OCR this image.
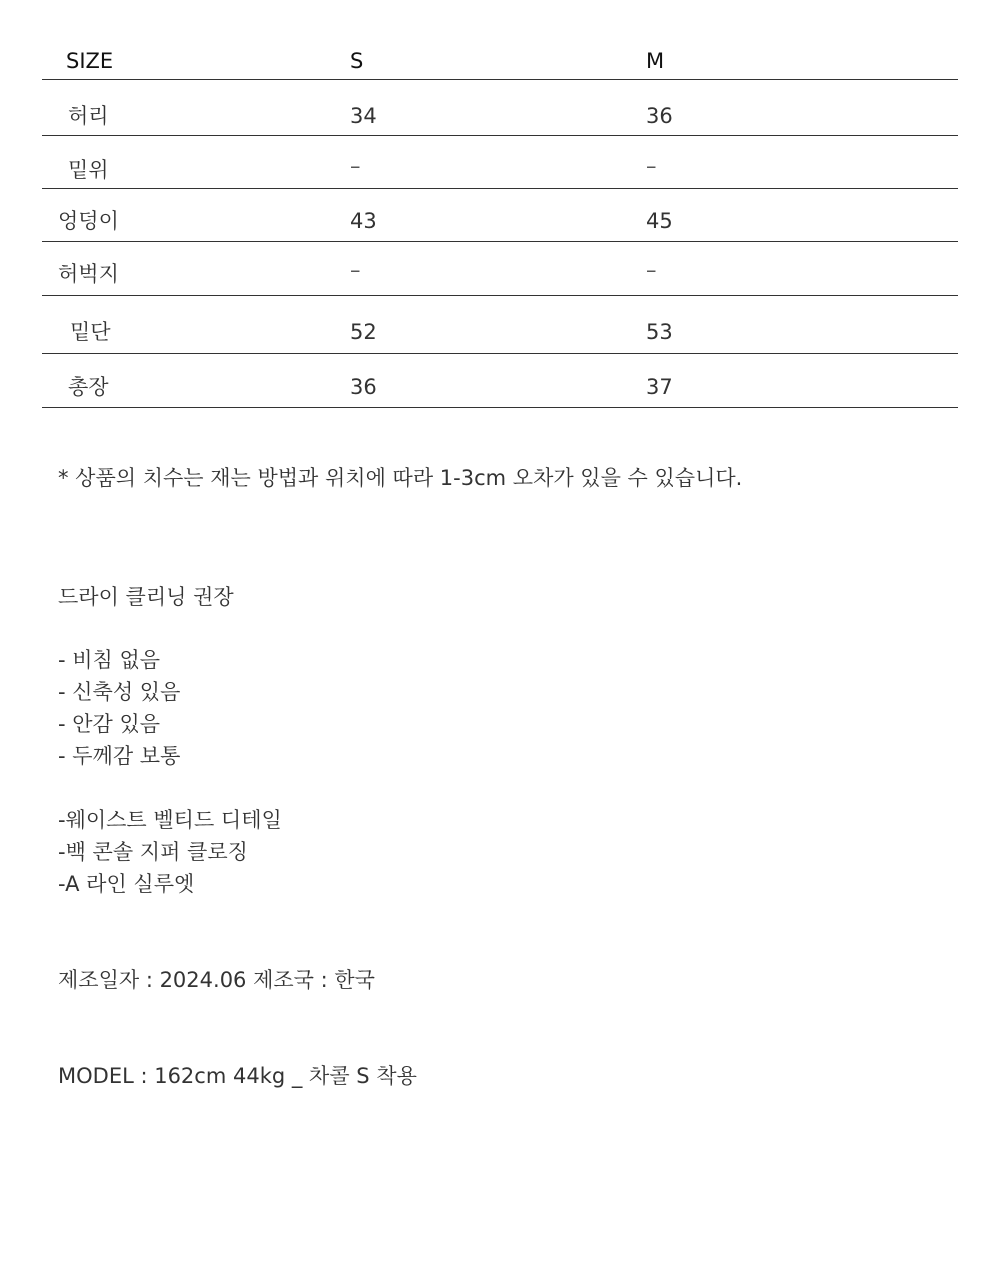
SIZE	S	M
허리	34	36
밑위	–	–
엉덩이	43	45
허벅지	–	–
밑단	52	53
총장	36	37
* 상품의 치수는 재는 방법과 위치에 따라 1-3cm 오차가 있을 수 있습니다.
드라이 클리닝 권장
- 비침 없음
- 신축성 있음
- 안감 있음
- 두께감 보통
-웨이스트 벨티드 디테일
-백 콘솔 지퍼 클로징
-A 라인 실루엣
제조일자 : 2024.06 제조국 : 한국
MODEL : 162cm 44kg _ 차콜 S 착용
